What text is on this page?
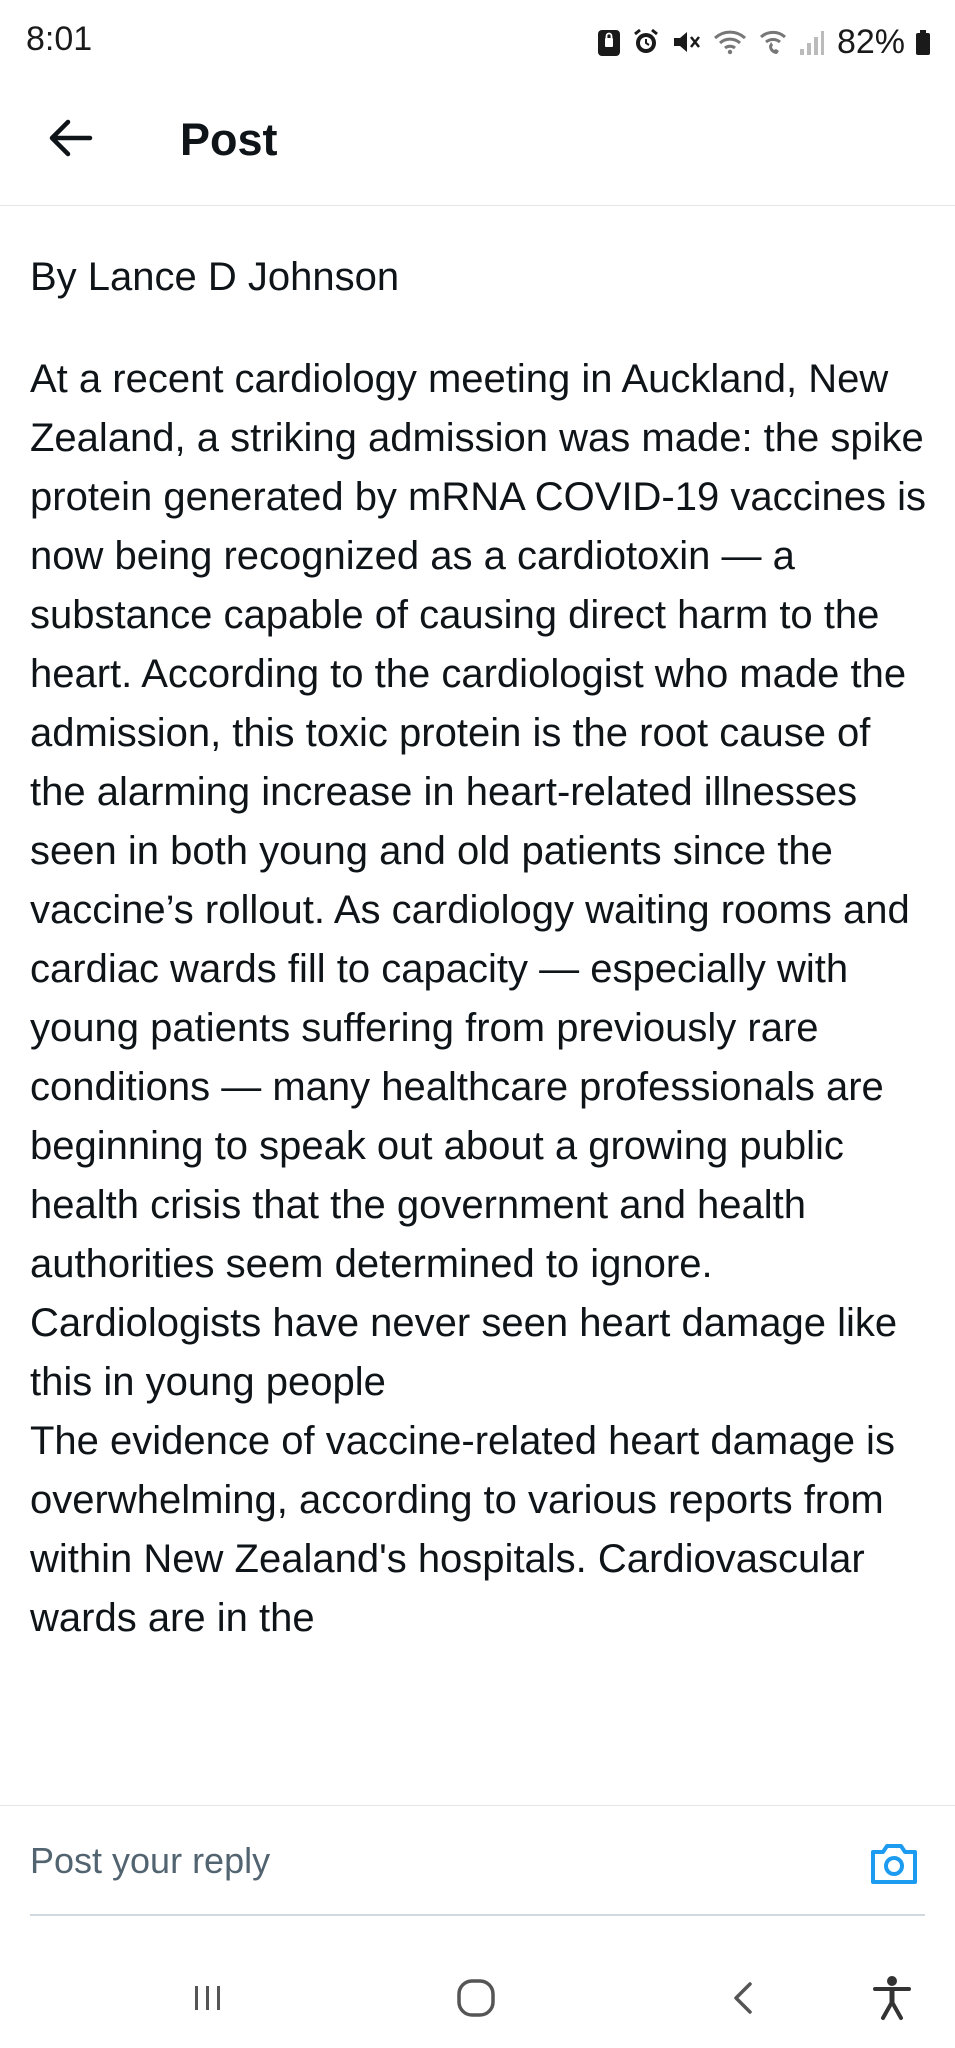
8:01	82%
Post

By Lance D Johnson

At a recent cardiology meeting in Auckland, New Zealand, a striking admission was made: the spike protein generated by mRNA COVID-19 vaccines is now being recognized as a cardiotoxin — a substance capable of causing direct harm to the heart. According to the cardiologist who made the admission, this toxic protein is the root cause of the alarming increase in heart-related illnesses seen in both young and old patients since the vaccine’s rollout. As cardiology waiting rooms and cardiac wards fill to capacity — especially with young patients suffering from previously rare conditions — many healthcare professionals are beginning to speak out about a growing public health crisis that the government and health authorities seem determined to ignore.
Cardiologists have never seen heart damage like this in young people
The evidence of vaccine-related heart damage is overwhelming, according to various reports from within New Zealand's hospitals. Cardiovascular wards are in the

Post your reply
